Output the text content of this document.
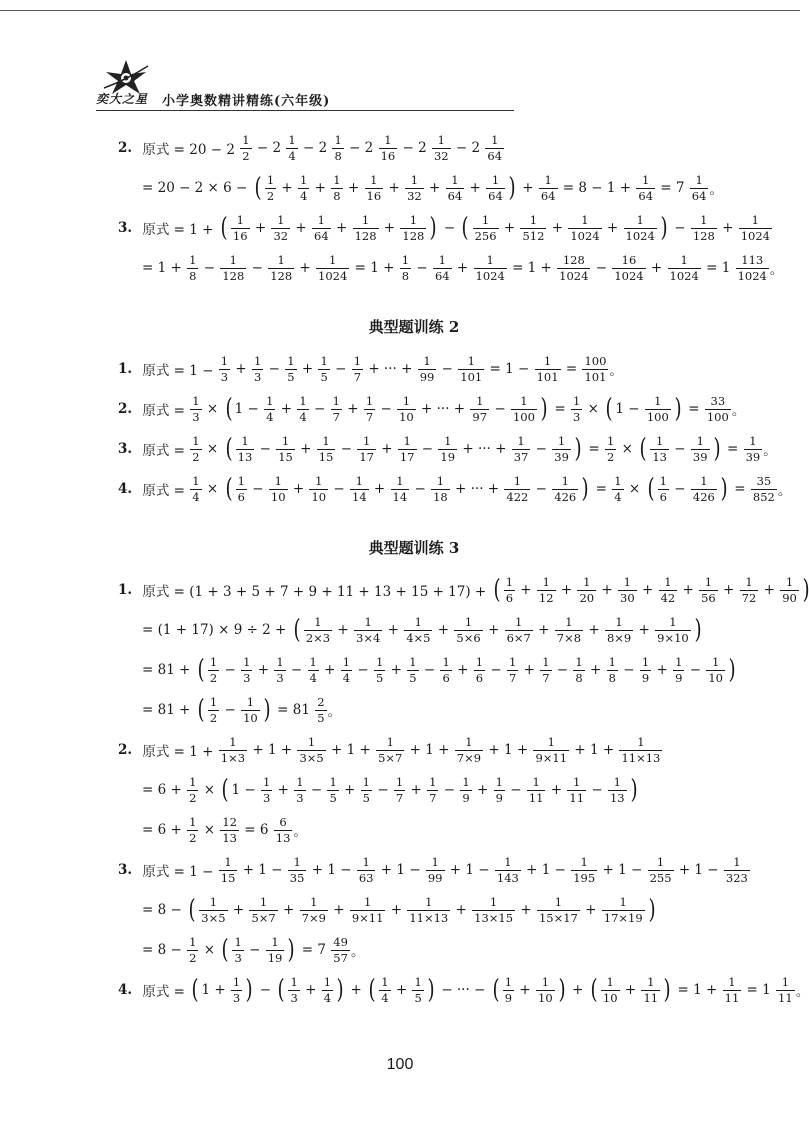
奕大之星 小学奥数精讲精练(六年级)
2. 原式 = $20 - 2 \frac{1}{2} - 2 \frac{1}{4} - 2 \frac{1}{8} - 2 \frac{1}{16} - 2 \frac{1}{32} - 2 \frac{1}{64}$
= 20 − 2 × 6 − ( $\frac{1}{2} + \frac{1}{4} + \frac{1}{8} + \frac{1}{16} + \frac{1}{32} + \frac{1}{64} + \frac{1}{64}$ ) + $\frac{1}{64} = 8 - 1 + \frac{1}{64} = 7 \frac{1}{64}$ 。
3. 原式 = 1 + ( $\frac{1}{16} + \frac{1}{32} + \frac{1}{64} + \frac{1}{128} + \frac{1}{128}$ ) − ( $\frac{1}{256} + \frac{1}{512} + \frac{1}{1024} + \frac{1}{1024}$ ) − $\frac{1}{128} + \frac{1}{1024}$
= $1 + \frac{1}{8} - \frac{1}{128} - \frac{1}{128} + \frac{1}{1024} = 1 + \frac{1}{8} - \frac{1}{64} + \frac{1}{1024} = 1 + \frac{128}{1024} - \frac{16}{1024} + \frac{1}{1024} = 1 \frac{113}{1024}$ 。
典型题训练 2
1. 原式 = $1 - \frac{1}{3} + \frac{1}{3} - \frac{1}{5} + \frac{1}{5} - \frac{1}{7}$ + ··· + $\frac{1}{99} - \frac{1}{101} = 1 - \frac{1}{101} = \frac{100}{101}$ 。
2. 原式 = $\frac{1}{3}$ × ( $1 - \frac{1}{4} + \frac{1}{4} - \frac{1}{7} + \frac{1}{7} - \frac{1}{10}$ + ··· + $\frac{1}{97} - \frac{1}{100}$ ) = $\frac{1}{3}$ × ( $1 - \frac{1}{100}$ ) = $\frac{33}{100}$ 。
3. 原式 = $\frac{1}{2}$ × ( $\frac{1}{13} - \frac{1}{15} + \frac{1}{15} - \frac{1}{17} + \frac{1}{17} - \frac{1}{19}$ + ··· + $\frac{1}{37} - \frac{1}{39}$ ) = $\frac{1}{2}$ × ( $\frac{1}{13} - \frac{1}{39}$ ) = $\frac{1}{39}$ 。
4. 原式 = $\frac{1}{4}$ × ( $\frac{1}{6} - \frac{1}{10} + \frac{1}{10} - \frac{1}{14} + \frac{1}{14} - \frac{1}{18}$ + ··· + $\frac{1}{422} - \frac{1}{426}$ ) = $\frac{1}{4}$ × ( $\frac{1}{6} - \frac{1}{426}$ ) = $\frac{35}{852}$ 。
典型题训练 3
1. 原式 = (1 + 3 + 5 + 7 + 9 + 11 + 13 + 15 + 17) + ( $\frac{1}{6} + \frac{1}{12} + \frac{1}{20} + \frac{1}{30} + \frac{1}{42} + \frac{1}{56} + \frac{1}{72} + \frac{1}{90}$ )
= (1 + 17) × 9 ÷ 2 + ( $\frac{1}{2\times 3} + \frac{1}{3\times 4} + \frac{1}{4\times 5} + \frac{1}{5\times 6} + \frac{1}{6\times 7} + \frac{1}{7\times 8} + \frac{1}{8\times 9} + \frac{1}{9\times 10}$ )
= 81 + ( $\frac{1}{2} - \frac{1}{3} + \frac{1}{3} - \frac{1}{4} + \frac{1}{4} - \frac{1}{5} + \frac{1}{5} - \frac{1}{6} + \frac{1}{6} - \frac{1}{7} + \frac{1}{7} - \frac{1}{8} + \frac{1}{8} - \frac{1}{9} + \frac{1}{9} - \frac{1}{10}$ )
= 81 + ( $\frac{1}{2} - \frac{1}{10}$ ) = $81 \frac{2}{5}$ 。
2. 原式 = $1 + \frac{1}{1\times 3} + 1 + \frac{1}{3\times 5} + 1 + \frac{1}{5\times 7} + 1 + \frac{1}{7\times 9} + 1 + \frac{1}{9\times 11} + 1 + \frac{1}{11\times 13}$
= $6 + \frac{1}{2}$ × ( $1 - \frac{1}{3} + \frac{1}{3} - \frac{1}{5} + \frac{1}{5} - \frac{1}{7} + \frac{1}{7} - \frac{1}{9} + \frac{1}{9} - \frac{1}{11} + \frac{1}{11} - \frac{1}{13}$ )
= $6 + \frac{1}{2} \times \frac{12}{13} = 6 \frac{6}{13}$ 。
3. 原式 = $1 - \frac{1}{15} + 1 - \frac{1}{35} + 1 - \frac{1}{63} + 1 - \frac{1}{99} + 1 - \frac{1}{143} + 1 - \frac{1}{195} + 1 - \frac{1}{255} + 1 - \frac{1}{323}$
= 8 − ( $\frac{1}{3\times 5} + \frac{1}{5\times 7} + \frac{1}{7\times 9} + \frac{1}{9\times 11} + \frac{1}{11\times 13} + \frac{1}{13\times 15} + \frac{1}{15\times 17} + \frac{1}{17\times 19}$ )
= $8 - \frac{1}{2}$ × ( $\frac{1}{3} - \frac{1}{19}$ ) = $7 \frac{49}{57}$ 。
4. 原式 = ( $1 + \frac{1}{3}$ ) − ( $\frac{1}{3} + \frac{1}{4}$ ) + ( $\frac{1}{4} + \frac{1}{5}$ ) − ··· − ( $\frac{1}{9} + \frac{1}{10}$ ) + ( $\frac{1}{10} + \frac{1}{11}$ ) = $1 + \frac{1}{11} = 1 \frac{1}{11}$ 。
100
